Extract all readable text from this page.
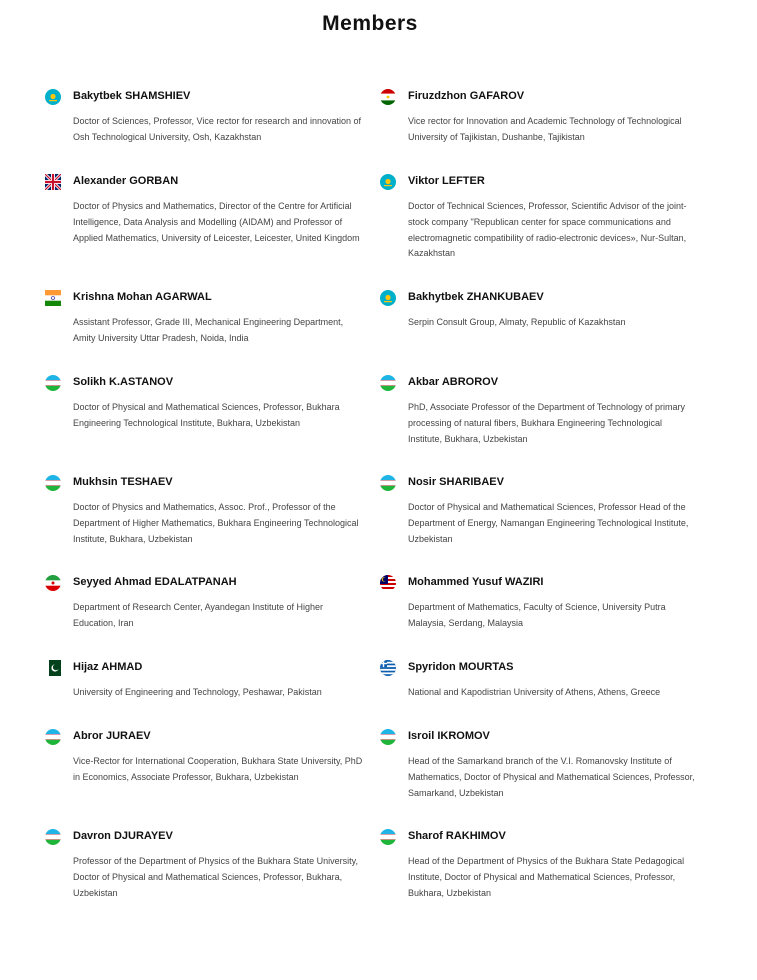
Members
Bakytbek SHAMSHIEV
Doctor of Sciences, Professor, Vice rector for research and innovation of Osh Technological University, Osh, Kazakhstan
Firuzdzhon GAFAROV
Vice rector for Innovation and Academic Technology of Technological University of Tajikistan, Dushanbe, Tajikistan
Alexander GORBAN
Doctor of Physics and Mathematics, Director of the Centre for Artificial Intelligence, Data Analysis and Modelling (AIDAM) and Professor of Applied Mathematics, University of Leicester, Leicester, United Kingdom
Viktor LEFTER
Doctor of Technical Sciences, Professor, Scientific Advisor of the joint-stock company "Republican center for space communications and electromagnetic compatibility of radio-electronic devices», Nur-Sultan, Kazakhstan
Krishna Mohan AGARWAL
Assistant Professor, Grade III, Mechanical Engineering Department, Amity University Uttar Pradesh, Noida, India
Bakhytbek ZHANKUBAEV
Serpin Consult Group, Almaty, Republic of Kazakhstan
Solikh K.ASTANOV
Doctor of Physical and Mathematical Sciences, Professor, Bukhara Engineering Technological Institute, Bukhara, Uzbekistan
Akbar ABROROV
PhD, Associate Professor of the Department of Technology of primary processing of natural fibers, Bukhara Engineering Technological Institute, Bukhara, Uzbekistan
Mukhsin TESHAEV
Doctor of Physics and Mathematics, Assoc. Prof., Professor of the Department of Higher Mathematics, Bukhara Engineering Technological Institute, Bukhara, Uzbekistan
Nosir SHARIBAEV
Doctor of Physical and Mathematical Sciences, Professor Head of the Department of Energy, Namangan Engineering Technological Institute, Uzbekistan
Seyyed Ahmad EDALATPANAH
Department of Research Center, Ayandegan Institute of Higher Education, Iran
Mohammed Yusuf WAZIRI
Department of Mathematics, Faculty of Science, University Putra Malaysia, Serdang, Malaysia
Hijaz AHMAD
University of Engineering and Technology, Peshawar, Pakistan
Spyridon MOURTAS
National and Kapodistrian University of Athens, Athens, Greece
Abror JURAEV
Vice-Rector for International Cooperation, Bukhara State University, PhD in Economics, Associate Professor, Bukhara, Uzbekistan
Isroil IKROMOV
Head of the Samarkand branch of the V.I. Romanovsky Institute of Mathematics, Doctor of Physical and Mathematical Sciences, Professor, Samarkand, Uzbekistan
Davron DJURAYEV
Professor of the Department of Physics of the Bukhara State University, Doctor of Physical and Mathematical Sciences, Professor, Bukhara, Uzbekistan
Sharof RAKHIMOV
Head of the Department of Physics of the Bukhara State Pedagogical Institute, Doctor of Physical and Mathematical Sciences, Professor, Bukhara, Uzbekistan
